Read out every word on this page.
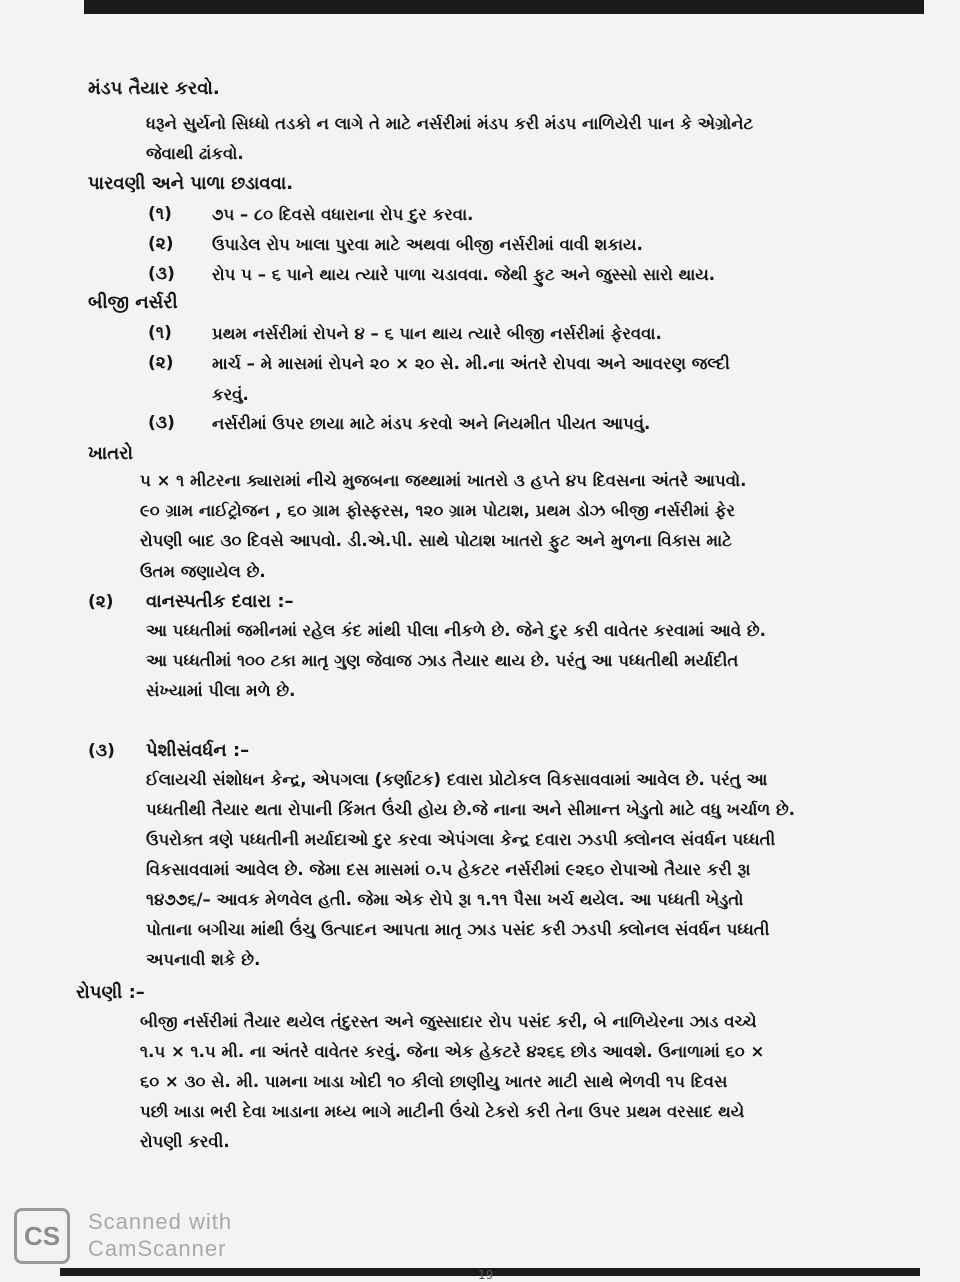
મંડપ તૈયાર કરવો.
ધરૂને સુર્યનો સિધ્ધો તડકો ન લાગે તે માટે નર્સરીમાં મંડપ કરી મંડપ નાળિયેરી પાન કે એગ્રોનેટ
જેવાથી ઢાંકવો.
પારવણી અને પાળા છડાવવા.
(૧) ૭૫ – ૮૦ દિવસે વધારાના રોપ દુર કરવા.
(૨) ઉપાડેલ રોપ ખાલા પુરવા માટે અથવા બીજી નર્સરીમાં વાવી શકાય.
(૩) રોપ ૫ – ૬ પાને થાય ત્યારે પાળા ચડાવવા. જેથી ફુટ અને જુસ્સો સારો થાય.
બીજી નર્સરી
(૧) પ્રથમ નર્સરીમાં રોપને ૪ – ૬ પાન થાય ત્યારે બીજી નર્સરીમાં ફેરવવા.
(૨) માર્ચ – મે માસમાં રોપને ૨૦ × ૨૦ સે. મી.ના અંતરે રોપવા અને આવરણ જલ્દી
કરવું.
(૩) નર્સરીમાં ઉપર છાયા માટે મંડપ કરવો અને નિયમીત પીયત આપવું.
ખાતરો
૫ × ૧ મીટરના ક્યારામાં નીચે મુજબના જથ્થામાં ખાતરો ૩ હપ્તે ૪૫ દિવસના અંતરે આપવો.
૯૦ ગ્રામ નાઈટ્રોજન , ૬૦ ગ્રામ ફોસ્ફરસ, ૧૨૦ ગ્રામ પોટાશ, પ્રથમ ડોઝ બીજી નર્સરીમાં ફેર
રોપણી બાદ ૩૦ દિવસે આપવો. ડી.એ.પી. સાથે પોટાશ ખાતરો ફુટ અને મુળના વિકાસ માટે
ઉતમ જણાયેલ છે.
(૨) વાનસ્પતીક દવારા :–
આ પધ્ધતીમાં જમીનમાં રહેલ કંદ માંથી પીલા નીકળે છે. જેને દુર કરી વાવેતર કરવામાં આવે છે.
આ પધ્ધતીમાં ૧૦૦ ટકા માતૃ ગુણ જેવાજ ઝાડ તૈયાર થાય છે. પરંતુ આ પધ્ધતીથી મર્યાદીત
સંખ્યામાં પીલા મળે છે.
(૩) પેશીસંવર્ધન :–
ઈલાયચી સંશોધન કેન્દ્ર, એપગલા (કર્ણાટક) દવારા પ્રોટોકલ વિકસાવવામાં આવેલ છે. પરંતુ આ
પધ્ધતીથી તૈયાર થતા રોપાની કિંમત ઉંચી હોય છે.જે નાના અને સીમાન્ત ખેડુતો માટે વધુ ખર્ચાળ છે.
ઉપરોક્ત ત્રણે પધ્ધતીની મર્યાદાઓ દુર કરવા એપંગલા કેન્દ્ર દવારા ઝડપી ક્લોનલ સંવર્ધન પધ્ધતી
વિકસાવવામાં આવેલ છે. જેમા દસ માસમાં ૦.૫ હેકટર નર્સરીમાં ૯૨૬૦ રોપાઓ તૈયાર કરી રૂા
૧૪૭૭૬/– આવક મેળવેલ હતી. જેમા એક રોપે રૂા ૧.૧૧ પૈસા ખર્ચ થયેલ. આ પધ્ધતી ખેડુતો
પોતાના બગીચા માંથી ઉંચુ ઉત્પાદન આપતા માતૃ ઝાડ પસંદ કરી ઝડપી ક્લોનલ સંવર્ધન પધ્ધતી
અપનાવી શકે છે.
રોપણી :–
બીજી નર્સરીમાં તૈયાર થયેલ તંદુરસ્ત અને જુસ્સાદાર રોપ પસંદ કરી, બે નાળિયેરના ઝાડ વચ્ચે
૧.૫ × ૧.૫ મી. ના અંતરે વાવેતર કરવું. જેના એક હેકટરે ૪૨૬૬ છોડ આવશે. ઉનાળામાં ૬૦ ×
૬૦ × ૩૦ સે. મી. પામના ખાડા ખોદી ૧૦ કીલો છાણીયુ ખાતર માટી સાથે ભેળવી ૧૫ દિવસ
પછી ખાડા ભરી દેવા ખાડાના મધ્ય ભાગે માટીની ઉંચો ટેકરો કરી તેના ઉપર પ્રથમ વરસાદ થયે
રોપણી કરવી.
CS	Scanned with
CamScanner
19
